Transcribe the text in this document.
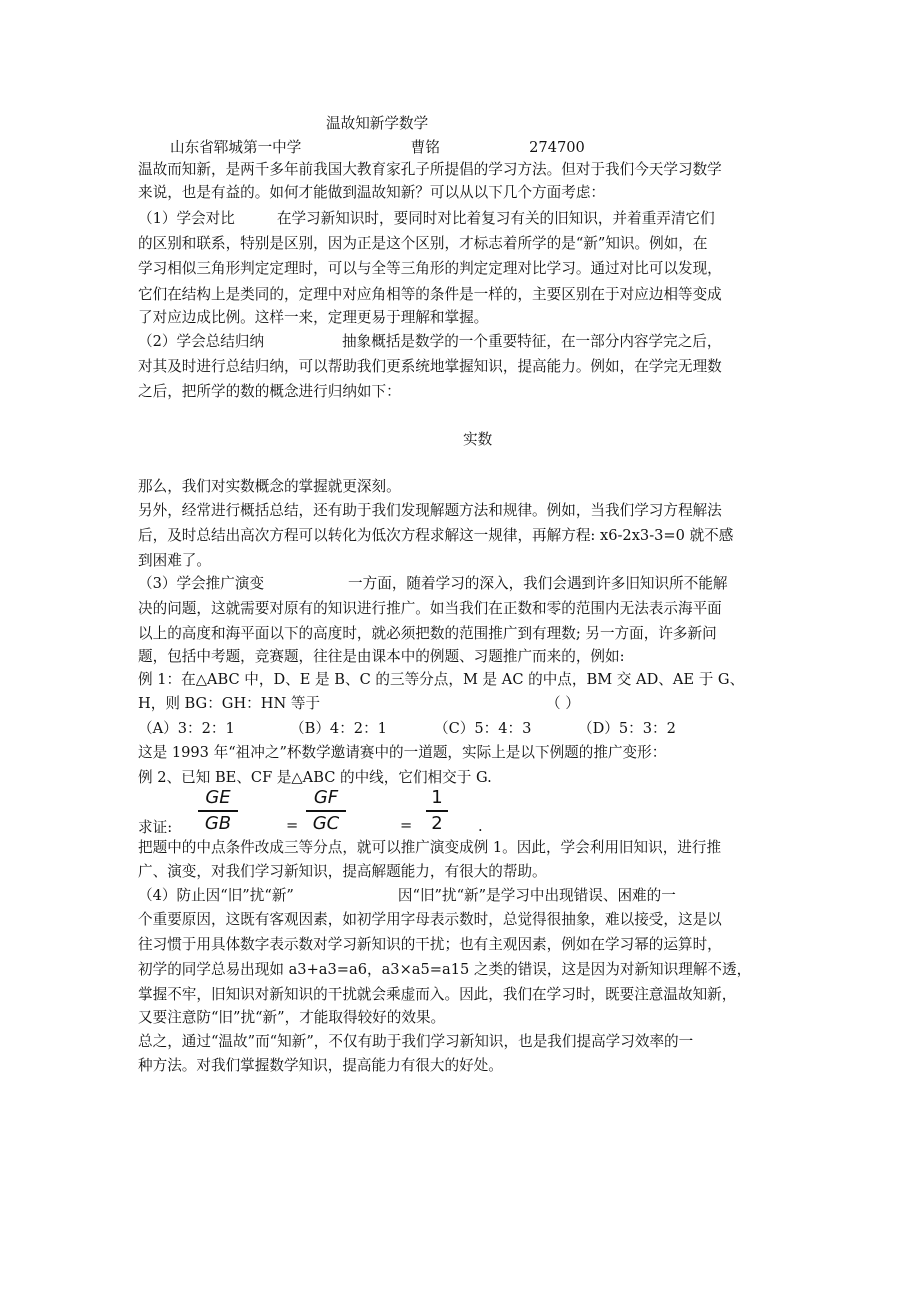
温故知新学数学
山东省郓城第一中学	曹铭	274700
温故而知新，是两千多年前我国大教育家孔子所提倡的学习方法。但对于我们今天学习数学
来说，也是有益的。如何才能做到温故知新？可以从以下几个方面考虑：
（1）学会对比	在学习新知识时，要同时对比着复习有关的旧知识，并着重弄清它们
的区别和联系，特别是区别，因为正是这个区别，才标志着所学的是“新”知识。例如，在
学习相似三角形判定定理时，可以与全等三角形的判定定理对比学习。通过对比可以发现，
它们在结构上是类同的，定理中对应角相等的条件是一样的，主要区别在于对应边相等变成
了对应边成比例。这样一来，定理更易于理解和掌握。
（2）学会总结归纳	抽象概括是数学的一个重要特征，在一部分内容学完之后，
对其及时进行总结归纳，可以帮助我们更系统地掌握知识，提高能力。例如，在学完无理数
之后，把所学的数的概念进行归纳如下：
实数
那么，我们对实数概念的掌握就更深刻。
另外，经常进行概括总结，还有助于我们发现解题方法和规律。例如，当我们学习方程解法
后，及时总结出高次方程可以转化为低次方程求解这一规律，再解方程: x6-2x3-3=0 就不感
到困难了。
（3）学会推广演变	一方面，随着学习的深入，我们会遇到许多旧知识所不能解
决的问题，这就需要对原有的知识进行推广。如当我们在正数和零的范围内无法表示海平面
以上的高度和海平面以下的高度时，就必须把数的范围推广到有理数; 另一方面，许多新问
题，包括中考题，竞赛题，往往是由课本中的例题、习题推广而来的，例如:
例 1：在△ABC 中，D、E 是 B、C 的三等分点，M 是 AC 的中点，BM 交 AD、AE 于 G、
H，则 BG：GH：HN 等于	（ ）
（A）3：2：1	（B）4：2：1	（C）5：4：3	（D）5：3：2
这是 1993 年“祖冲之”杯数学邀请赛中的一道题，实际上是以下例题的推广变形：
例 2、已知 BE、CF 是△ABC 的中线，它们相交于 G.
求证:
GE
GB	=
GF
GC	=
1
2	.
把题中的中点条件改成三等分点，就可以推广演变成例 1。因此，学会利用旧知识，进行推
广、演变，对我们学习新知识，提高解题能力，有很大的帮助。
（4）防止因“旧”扰“新”	因“旧”扰“新”是学习中出现错误、困难的一
个重要原因，这既有客观因素，如初学用字母表示数时，总觉得很抽象，难以接受，这是以
往习惯于用具体数字表示数对学习新知识的干扰；也有主观因素，例如在学习幂的运算时，
初学的同学总易出现如 a3+a3=a6，a3×a5=a15 之类的错误，这是因为对新知识理解不透，
掌握不牢，旧知识对新知识的干扰就会乘虚而入。因此，我们在学习时，既要注意温故知新，
又要注意防“旧”扰“新”，才能取得较好的效果。
总之，通过“温故”而“知新”，不仅有助于我们学习新知识，也是我们提高学习效率的一
种方法。对我们掌握数学知识，提高能力有很大的好处。
